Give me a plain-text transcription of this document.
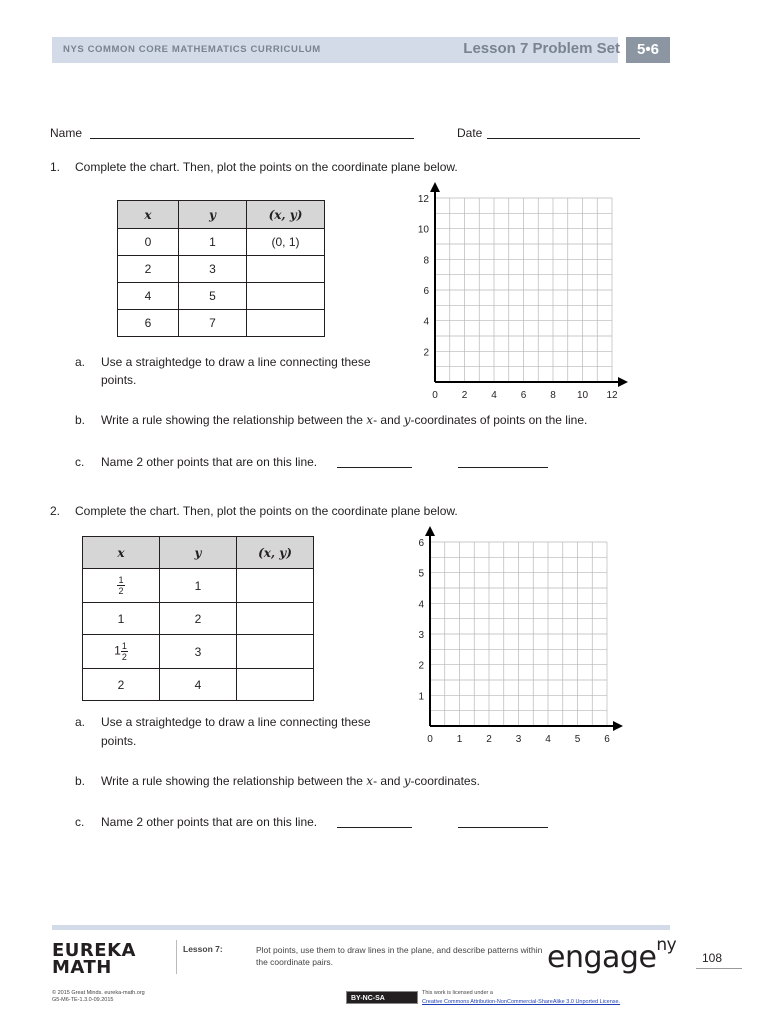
NYS COMMON CORE MATHEMATICS CURRICULUM	Lesson 7 Problem Set	5•6
Name	Date
1. Complete the chart. Then, plot the points on the coordinate plane below.
x	y	(x, y)
0	1	(0, 1)
2	3	
4	5	
6	7	
0 2 4 6 8 10 12
2
4
6
8
10
12
a. Use a straightedge to draw a line connecting these
points.
b. Write a rule showing the relationship between the x- and y-coordinates of points on the line.
c. Name 2 other points that are on this line.
2. Complete the chart. Then, plot the points on the coordinate plane below.
x	y	(x, y)

$\frac{1}{2}$	1	
1	2	
$1 \frac{1}{2}$	3	
2	4	
0 1 2 3 4 5 6
1
2
3
4
5
6
a. Use a straightedge to draw a line connecting these
points.
b. Write a rule showing the relationship between the x- and y-coordinates.
c. Name 2 other points that are on this line.
EUREKA
MATH
Lesson 7:	Plot points, use them to draw lines in the plane, and describe patterns within the coordinate pairs.	engage$^{ny}$
108
© 2015 Great Minds. eureka-math.org
G5-M6-TE-1.3.0-09.2015	BY-NC-SA
This work is licensed under a
Creative Commons Attribution-NonCommercial-ShareAlike 3.0 Unported License.
